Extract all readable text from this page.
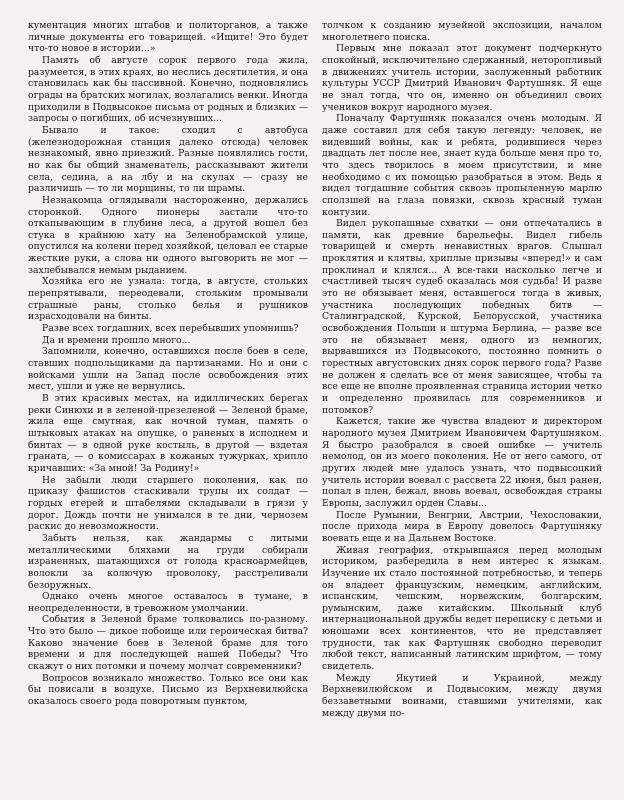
кументация многих штабов и политорганов, а также личные документы его товарищей. «Ищите! Это будет что-то новое в истории...»

Память об августе сорок первого года жила, разумеется, в этих краях, но неслись десятилетия, и она становилась как бы пассивной. Конечно, подновлялись ограды на братских могилах, возлагались венки. Иногда приходили в Подвысокое письма от родных и близких — запросы о погибших, об исчезнувших...

Бывало и такое: сходил с автобуса (железнодорожная станция далеко отсюда) человек незнакомый, явно приезжий. Разные появлялись гости, но как бы общий знаменатель, рассказывают жители села, седина, а на лбу и на скулах — сразу не различишь — то ли морщины, то ли шрамы.

Незнакомца оглядывали настороженно, держались сторонкой. Одного пионеры застали что-то откапывающим в глубине леса, а другой вошел без стука в крайнюю хату на Зеленобрамской улице, опустился на колени перед хозяйкой, целовал ее старые жесткие руки, а слова ни одного выговорить не мог — захлебывался немым рыданием.

Хозяйка его не узнала: тогда, в августе, стольких перепрятывали, переодевали, стольким промывали страшные раны, столько белья и рушников израсходовали на бинты.

Разве всех тогдашних, всех перебывших упомнишь?

Да и времени прошло много...

Запомнили, конечно, оставшихся после боев в селе, ставших подпольщиками да партизанами. Но и они с войсками ушли на Запад после освобождения этих мест, ушли и уже не вернулись.

В этих красивых местах, на идиллических берегах реки Синюхи и в зеленой-презеленой — Зеленой браме, жила еще смутная, как ночной туман, память о штыковых атаках на опушке, о раненых в исподнем и бинтах — в одной руке костыль, в другой — вздетая граната, — о комиссарах в кожаных тужурках, хрипло кричавших: «За мной! За Родину!»

Не забыли люди старшего поколения, как по приказу фашистов стаскивали трупы их солдат — гордых егерей и штабелями складывали в грязи у дорог. Дождь почти не унимался в те дни, чернозем раскис до невозможности.

Забыть нельзя, как жандармы с литыми металлическими бляхами на груди собирали израненных, шатающихся от голода красноармейцев, волокли за колючую проволоку, расстреливали безоружных.

Однако очень многое оставалось в тумане, в неопределенности, в тревожном умолчании.

События в Зеленой браме толковались по-разному. Что это было — дикое побоище или героическая битва? Каково значение боев в Зеленой браме для того времени и для последующей нашей Победы? Что скажут о них потомки и почему молчат современники?

Вопросов возникало множество. Только все они как бы повисали в воздухе. Письмо из Верхневилюйска оказалось своего рода поворотным пунктом,

толчком к созданию музейной экспозиции, началом многолетнего поиска.

Первым мне показал этот документ подчеркнуто спокойный, исключительно сдержанный, неторопливый в движениях учитель истории, заслуженный работник культуры УССР Дмитрий Иванович Фартушняк. Я еще не знал тогда, что он, именно он объединил своих учеников вокруг народного музея.

Поначалу Фартушняк показался очень молодым. Я даже составил для себя такую легенду: человек, не видевший войны, как и ребята, родившиеся через двадцать лет после нее, знает куда больше меня про то, что здесь творилось в моем присутствии, и мне необходимо с их помощью разобраться в этом. Ведь я видел тогдашние события сквозь пропыленную марлю сползшей на глаза повязки, сквозь красный туман контузии.

Видел рукопашные схватки — они отпечатались в памяти, как древние барельефы. Видел гибель товарищей и смерть ненавистных врагов. Слышал проклятия и клятвы, хриплые призывы «вперед!» и сам проклинал и клялся... А все-таки насколько легче и счастливей тысяч судеб оказалась моя судьба! И разве это не обязывает меня, оставшегося тогда в живых, участника последующих победных битв — Сталинградской, Курской, Белорусской, участника освобождения Польши и штурма Берлина, — разве все это не обязывает меня, одного из немногих, вырвавшихся из Подвысокого, постоянно помнить о горестных августовских днях сорок первого года? Разве не должен я сделать все от меня зависящее, чтобы та все еще не вполне проявленная страница истории четко и определенно проявилась для современников и потомков?

Кажется, такие же чувства владеют и директором народного музея Дмитрием Ивановичем Фартушняком. Я быстро разобрался в своей ошибке — учитель немолод, он из моего поколения. Не от него самого, от других людей мне удалось узнать, что подвысоцкий учитель истории воевал с рассвета 22 июня, был ранен, попал в плен, бежал, вновь воевал, освобождая страны Европы, заслужил орден Славы...

После Румынии, Венгрии, Австрии, Чехословакии, после прихода мира в Европу довелось Фартушняку воевать еще и на Дальнем Востоке.

Живая география, открывшаяся перед молодым историком, разбередила в нем интерес к языкам. Изучение их стало постоянной потребностью, и теперь он владеет французским, немецким, английским, испанским, чешским, норвежским, болгарским, румынским, даже китайским. Школьный клуб интернациональной дружбы ведет переписку с детьми и юношами всех континентов, что не представляет трудности, так как Фартушняк свободно переводит любой текст, написанный латинским шрифтом, — тому свидетель.

Между Якутией и Украиной, между Верхневилюйском и Подвысоким, между двумя беззаветными воинами, ставшими учителями, как между двумя по-
